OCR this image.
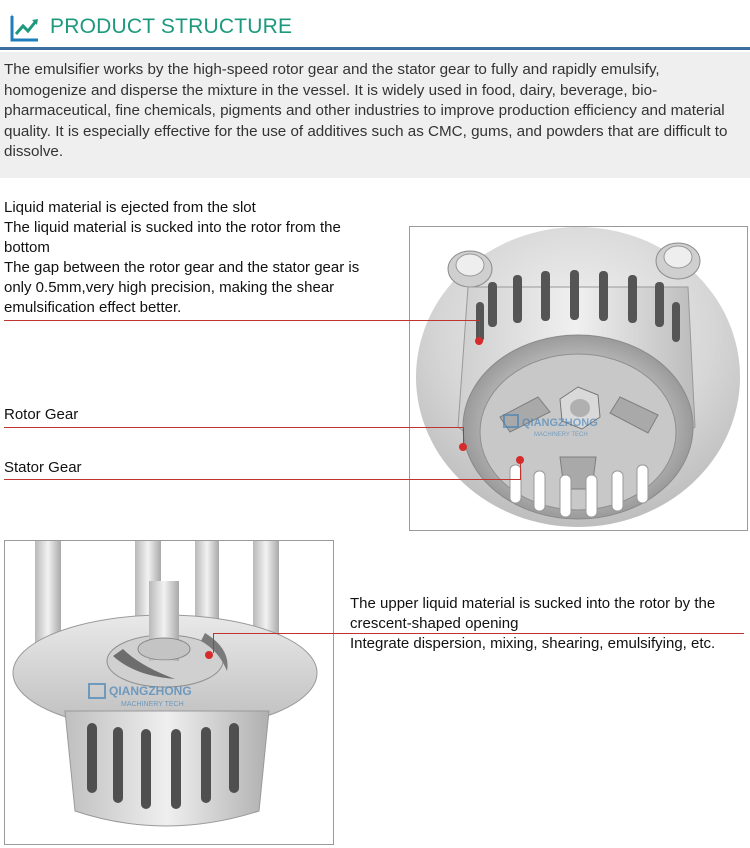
PRODUCT STRUCTURE
The emulsifier works by the high-speed rotor gear and the stator gear to fully and rapidly emulsify, homogenize and disperse the mixture in the vessel. It is widely used in food, dairy, beverage, bio-pharmaceutical, fine chemicals, pigments and other industries to improve production efficiency and material quality. It is especially effective for the use of additives such as CMC, gums, and powders that are difficult to dissolve.
Liquid material is ejected from the slot
The liquid material is sucked into the rotor from the
bottom
The gap between the rotor gear and the stator gear is
only 0.5mm,very high precision, making the shear
emulsification effect better.
Rotor Gear
Stator Gear
QIANGZHONG
MACHINERY TECH
QIANGZHONG
MACHINERY TECH
The upper liquid material is sucked into the rotor by the
crescent-shaped opening
Integrate dispersion, mixing, shearing, emulsifying, etc.
